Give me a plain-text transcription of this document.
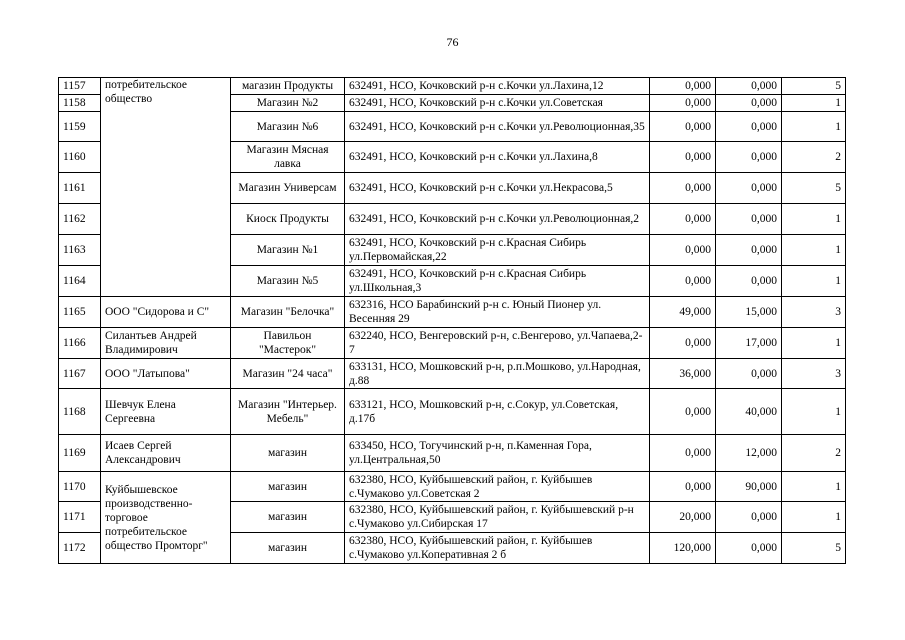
76
1157	потребительское общество	магазин Продукты	632491, НСО, Кочковский р-н с.Кочки ул.Лахина,12	0,000	0,000	5
1158		Магазин №2	632491, НСО, Кочковский р-н с.Кочки ул.Советская	0,000	0,000	1
1159		Магазин №6	632491, НСО, Кочковский р-н с.Кочки ул.Революционная,35	0,000	0,000	1
1160		Магазин Мясная лавка	632491, НСО, Кочковский р-н с.Кочки ул.Лахина,8	0,000	0,000	2
1161		Магазин Универсам	632491, НСО, Кочковский р-н с.Кочки ул.Некрасова,5	0,000	0,000	5
1162		Киоск Продукты	632491, НСО, Кочковский р-н с.Кочки ул.Революционная,2	0,000	0,000	1
1163		Магазин №1	632491, НСО, Кочковский р-н с.Красная Сибирь ул.Первомайская,22	0,000	0,000	1
1164		Магазин №5	632491, НСО, Кочковский р-н с.Красная Сибирь ул.Школьная,3	0,000	0,000	1
1165	ООО "Сидорова и С"	Магазин "Белочка"	632316, НСО Барабинский р-н с. Юный Пионер ул. Весенняя 29	49,000	15,000	3
1166	Силантьев Андрей Владимирович	Павильон "Мастерок"	632240, НСО, Венгеровский р-н, с.Венгерово, ул.Чапаева,2-7	0,000	17,000	1
1167	ООО "Латыпова"	Магазин "24 часа"	633131, НСО, Мошковский р-н, р.п.Мошково, ул.Народная, д.88	36,000	0,000	3
1168	Шевчук Елена Сергеевна	Магазин "Интерьер. Мебель"	633121, НСО, Мошковский р-н, с.Сокур, ул.Советская, д.17б	0,000	40,000	1
1169	Исаев Сергей Александрович	магазин	633450, НСО, Тогучинский р-н, п.Каменная Гора, ул.Центральная,50	0,000	12,000	2
1170	Куйбышевское производственно-торговое потребительское общество Промторг"	магазин	632380, НСО, Куйбышевский район, г. Куйбышев с.Чумаково ул.Советская 2	0,000	90,000	1
1171		магазин	632380, НСО, Куйбышевский район, г. Куйбышевский р-н с.Чумаково ул.Сибирская 17	20,000	0,000	1
1172		магазин	632380, НСО, Куйбышевский район, г. Куйбышев с.Чумаково ул.Коперативная 2 б	120,000	0,000	5
